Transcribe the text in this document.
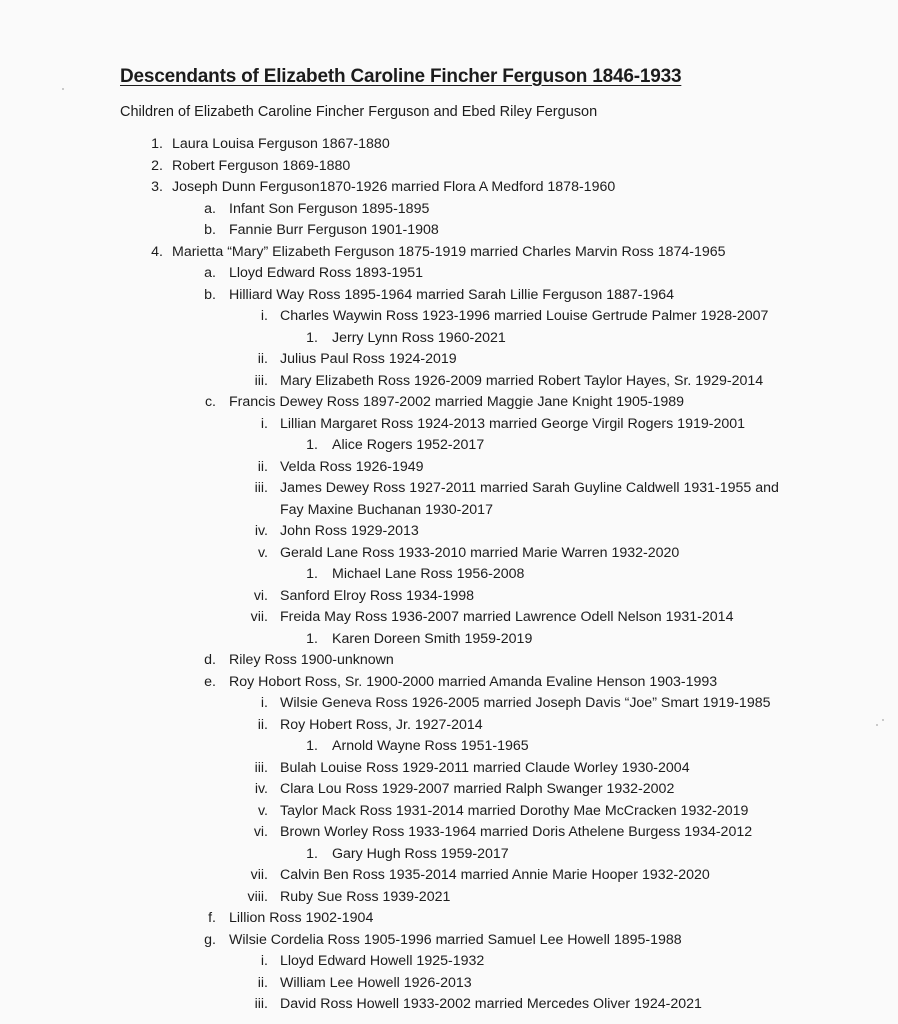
Descendants of Elizabeth Caroline Fincher Ferguson 1846-1933
Children of Elizabeth Caroline Fincher Ferguson and Ebed Riley Ferguson
1. Laura Louisa Ferguson 1867-1880
2. Robert Ferguson 1869-1880
3. Joseph Dunn Ferguson1870-1926 married Flora A Medford 1878-1960
a. Infant Son Ferguson 1895-1895
b. Fannie Burr Ferguson 1901-1908
4. Marietta “Mary” Elizabeth Ferguson 1875-1919 married Charles Marvin Ross 1874-1965
a. Lloyd Edward Ross 1893-1951
b. Hilliard Way Ross 1895-1964 married Sarah Lillie Ferguson 1887-1964
i. Charles Waywin Ross 1923-1996 married Louise Gertrude Palmer 1928-2007
1. Jerry Lynn Ross 1960-2021
ii. Julius Paul Ross 1924-2019
iii. Mary Elizabeth Ross 1926-2009 married Robert Taylor Hayes, Sr. 1929-2014
c. Francis Dewey Ross 1897-2002 married Maggie Jane Knight 1905-1989
i. Lillian Margaret Ross 1924-2013 married George Virgil Rogers 1919-2001
1. Alice Rogers 1952-2017
ii. Velda Ross 1926-1949
iii. James Dewey Ross 1927-2011 married Sarah Guyline Caldwell 1931-1955 and
Fay Maxine Buchanan 1930-2017
iv. John Ross 1929-2013
v. Gerald Lane Ross 1933-2010 married Marie Warren 1932-2020
1. Michael Lane Ross 1956-2008
vi. Sanford Elroy Ross 1934-1998
vii. Freida May Ross 1936-2007 married Lawrence Odell Nelson 1931-2014
1. Karen Doreen Smith 1959-2019
d. Riley Ross 1900-unknown
e. Roy Hobort Ross, Sr. 1900-2000 married Amanda Evaline Henson 1903-1993
i. Wilsie Geneva Ross 1926-2005 married Joseph Davis “Joe” Smart 1919-1985
ii. Roy Hobert Ross, Jr. 1927-2014
1. Arnold Wayne Ross 1951-1965
iii. Bulah Louise Ross 1929-2011 married Claude Worley 1930-2004
iv. Clara Lou Ross 1929-2007 married Ralph Swanger 1932-2002
v. Taylor Mack Ross 1931-2014 married Dorothy Mae McCracken 1932-2019
vi. Brown Worley Ross 1933-1964 married Doris Athelene Burgess 1934-2012
1. Gary Hugh Ross 1959-2017
vii. Calvin Ben Ross 1935-2014 married Annie Marie Hooper 1932-2020
viii. Ruby Sue Ross 1939-2021
f. Lillion Ross 1902-1904
g. Wilsie Cordelia Ross 1905-1996 married Samuel Lee Howell 1895-1988
i. Lloyd Edward Howell 1925-1932
ii. William Lee Howell 1926-2013
iii. David Ross Howell 1933-2002 married Mercedes Oliver 1924-2021
